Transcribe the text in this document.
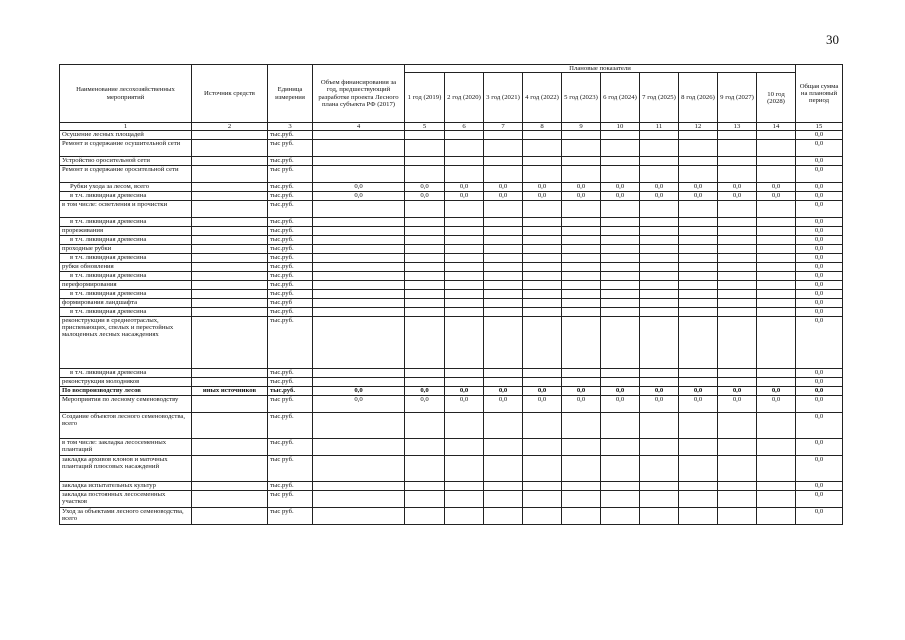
30
Наименование лесохозяйственных мероприятий	Источник средств	Единица измерения	Объем финансирования за год, предшествующий разработке проекта Лесного плана субъекта РФ (2017)	Плановые показатели										Общая сумма на плановый период
				1 год (2019)	2 год (2020)	3 год (2021)	4 год (2022)	5 год (2023)	6 год (2024)	7 год (2025)	8 год (2026)	9 год (2027)	10 год (2028)	
1	2	3	4	5	6	7	8	9	10	11	12	13	14	15
Осушение лесных площадей		тыс.руб.												0,0
Ремонт и содержание осушительной сети		тыс руб.												0,0
Устройство оросительной сети		тыс.руб.												0,0
Ремонт и содержание оросительной сети		тыс руб.												0,0
Рубки ухода за лесом, всего		тыс.руб.	0,0	0,0	0,0	0,0	0,0	0,0	0,0	0,0	0,0	0,0	0,0	0,0
в т.ч. ликвидная древесина		тыс.руб.	0,0	0,0	0,0	0,0	0,0	0,0	0,0	0,0	0,0	0,0	0,0	0,0
в том числе: осветления и прочистки		тыс.руб.												0,0
в т.ч. ликвидная древесина		тыс.руб.												0,0
прореживания		тыс.руб.												0,0
в т.ч. ликвидная древесина		тыс.руб.												0,0
проходные рубки		тыс.руб.												0,0
в т.ч. ликвидная древесина		тыс.руб.												0,0
рубки обновления		тыс.руб.												0,0
в т.ч. ликвидная древесина		тыс.руб.												0,0
переформирования		тыс.руб.												0,0
в т.ч. ликвидная древесина		тыс.руб.												0,0
формирования ландшафта		тыс.руб												0,0
в т.ч. ликвидная древесина		тыс.руб.												0,0
реконструкции в среднеотраслых, приспевающих, спелых и перестойных малоценных лесных насаждениях		тыс.руб.												0,0
в т.ч. ликвидная древесина		тыс.руб.												0,0
реконструкция молодняков		тыс.руб.												0,0
По воспроизводству лесов	иных источников	тыс.руб.	0,0	0,0	0,0	0,0	0,0	0,0	0,0	0,0	0,0	0,0	0,0	0,0
Мероприятия по лесному семеноводству		тыс руб.	0,0	0,0	0,0	0,0	0,0	0,0	0,0	0,0	0,0	0,0	0,0	0,0
Создание объектов лесного семеноводства, всего		тыс.руб.												0,0
в том числе: закладка лесосеменных плантаций		тыс.руб.												0,0
закладка архивов клонов и маточных плантаций плюсовых насаждений		тыс руб.												0,0
закладка испытательных культур		тыс.руб.												0,0
закладка постоянных лесосеменных участков		тыс руб.												0,0
Уход за объектами лесного семеноводства, всего		тыс руб.												0,0
